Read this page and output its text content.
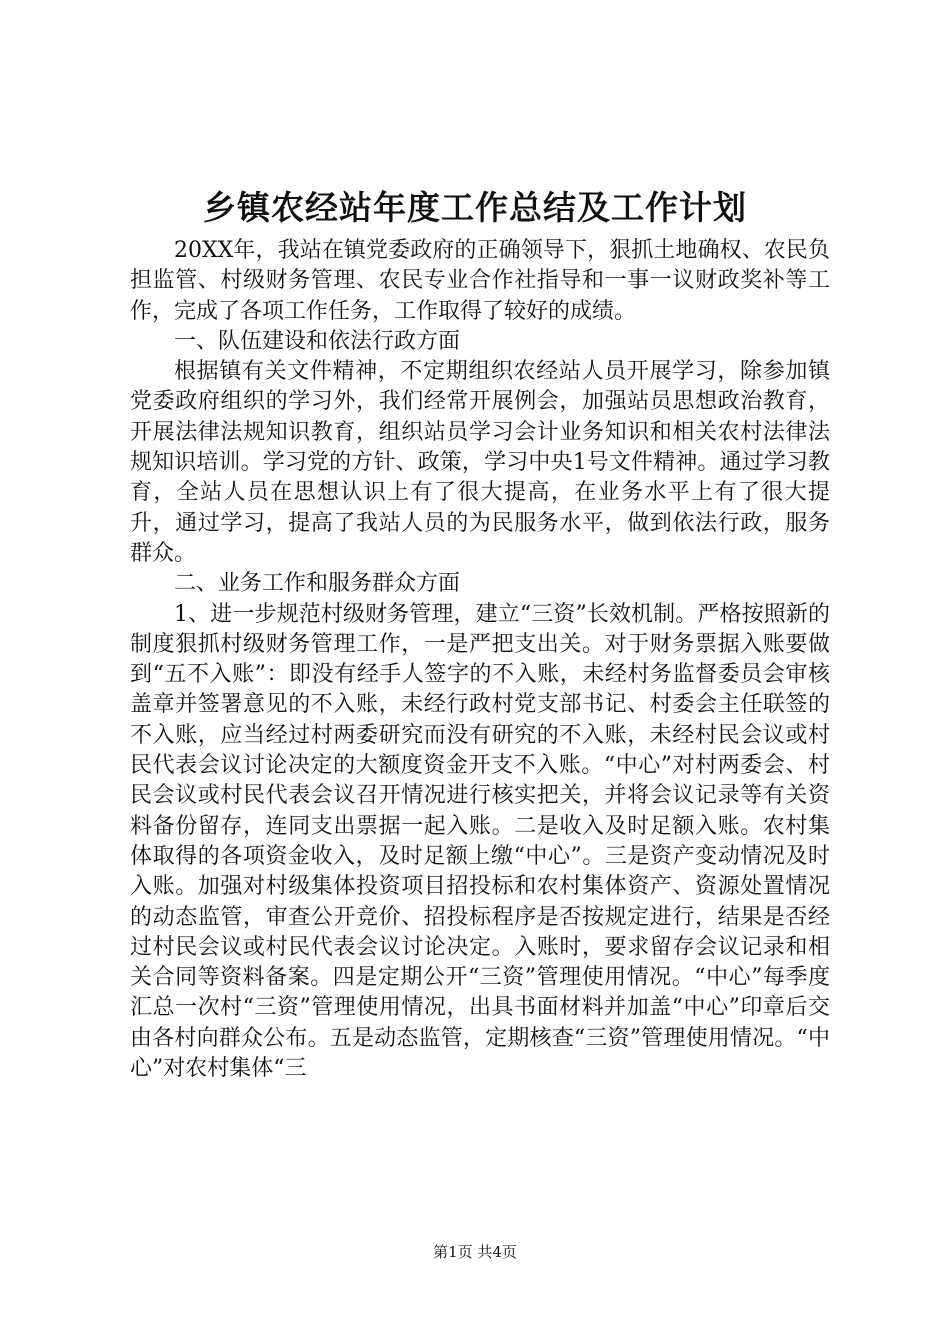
乡镇农经站年度工作总结及工作计划

20XX年，我站在镇党委政府的正确领导下，狠抓土地确权、农民负担监管、村级财务管理、农民专业合作社指导和一事一议财政奖补等工作，完成了各项工作任务，工作取得了较好的成绩。

一、队伍建设和依法行政方面

根据镇有关文件精神，不定期组织农经站人员开展学习，除参加镇党委政府组织的学习外，我们经常开展例会，加强站员思想政治教育，开展法律法规知识教育，组织站员学习会计业务知识和相关农村法律法规知识培训。学习党的方针、政策，学习中央1号文件精神。通过学习教育，全站人员在思想认识上有了很大提高，在业务水平上有了很大提升，通过学习，提高了我站人员的为民服务水平，做到依法行政，服务群众。

二、业务工作和服务群众方面

1、进一步规范村级财务管理，建立“三资”长效机制。严格按照新的制度狠抓村级财务管理工作，一是严把支出关。对于财务票据入账要做到“五不入账”：即没有经手人签字的不入账，未经村务监督委员会审核盖章并签署意见的不入账，未经行政村党支部书记、村委会主任联签的不入账，应当经过村两委研究而没有研究的不入账，未经村民会议或村民代表会议讨论决定的大额度资金开支不入账。“中心”对村两委会、村民会议或村民代表会议召开情况进行核实把关，并将会议记录等有关资料备份留存，连同支出票据一起入账。二是收入及时足额入账。农村集体取得的各项资金收入，及时足额上缴“中心”。三是资产变动情况及时入账。加强对村级集体投资项目招投标和农村集体资产、资源处置情况的动态监管，审查公开竞价、招投标程序是否按规定进行，结果是否经过村民会议或村民代表会议讨论决定。入账时，要求留存会议记录和相关合同等资料备案。四是定期公开“三资”管理使用情况。“中心”每季度汇总一次村“三资”管理使用情况，出具书面材料并加盖“中心”印章后交由各村向群众公布。五是动态监管，定期核查“三资”管理使用情况。“中心”对农村集体“三

第1页 共4页
